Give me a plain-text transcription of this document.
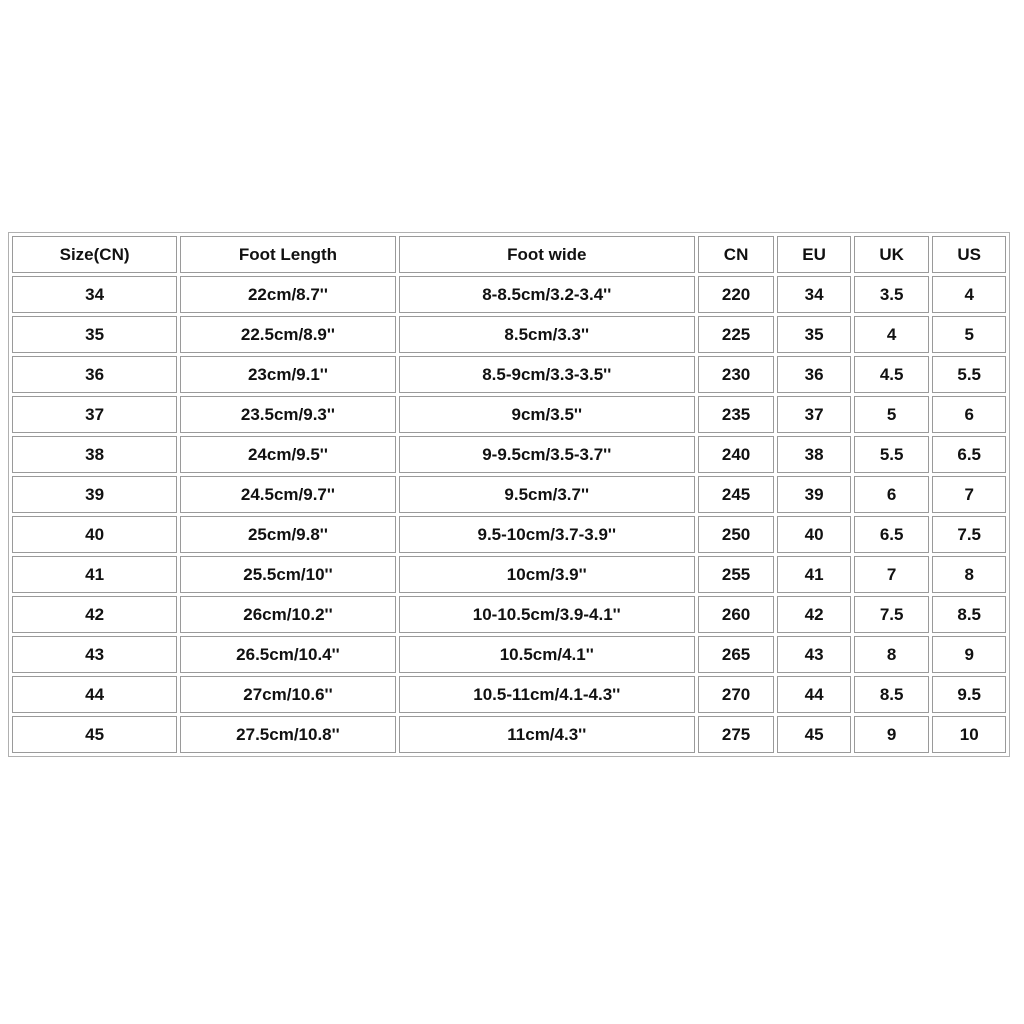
Size(CN)	Foot Length	Foot wide	CN	EU	UK	US
34	22cm/8.7''	8-8.5cm/3.2-3.4''	220	34	3.5	4
35	22.5cm/8.9''	8.5cm/3.3''	225	35	4	5
36	23cm/9.1''	8.5-9cm/3.3-3.5''	230	36	4.5	5.5
37	23.5cm/9.3''	9cm/3.5''	235	37	5	6
38	24cm/9.5''	9-9.5cm/3.5-3.7''	240	38	5.5	6.5
39	24.5cm/9.7''	9.5cm/3.7''	245	39	6	7
40	25cm/9.8''	9.5-10cm/3.7-3.9''	250	40	6.5	7.5
41	25.5cm/10''	10cm/3.9''	255	41	7	8
42	26cm/10.2''	10-10.5cm/3.9-4.1''	260	42	7.5	8.5
43	26.5cm/10.4''	10.5cm/4.1''	265	43	8	9
44	27cm/10.6''	10.5-11cm/4.1-4.3''	270	44	8.5	9.5
45	27.5cm/10.8''	11cm/4.3''	275	45	9	10
